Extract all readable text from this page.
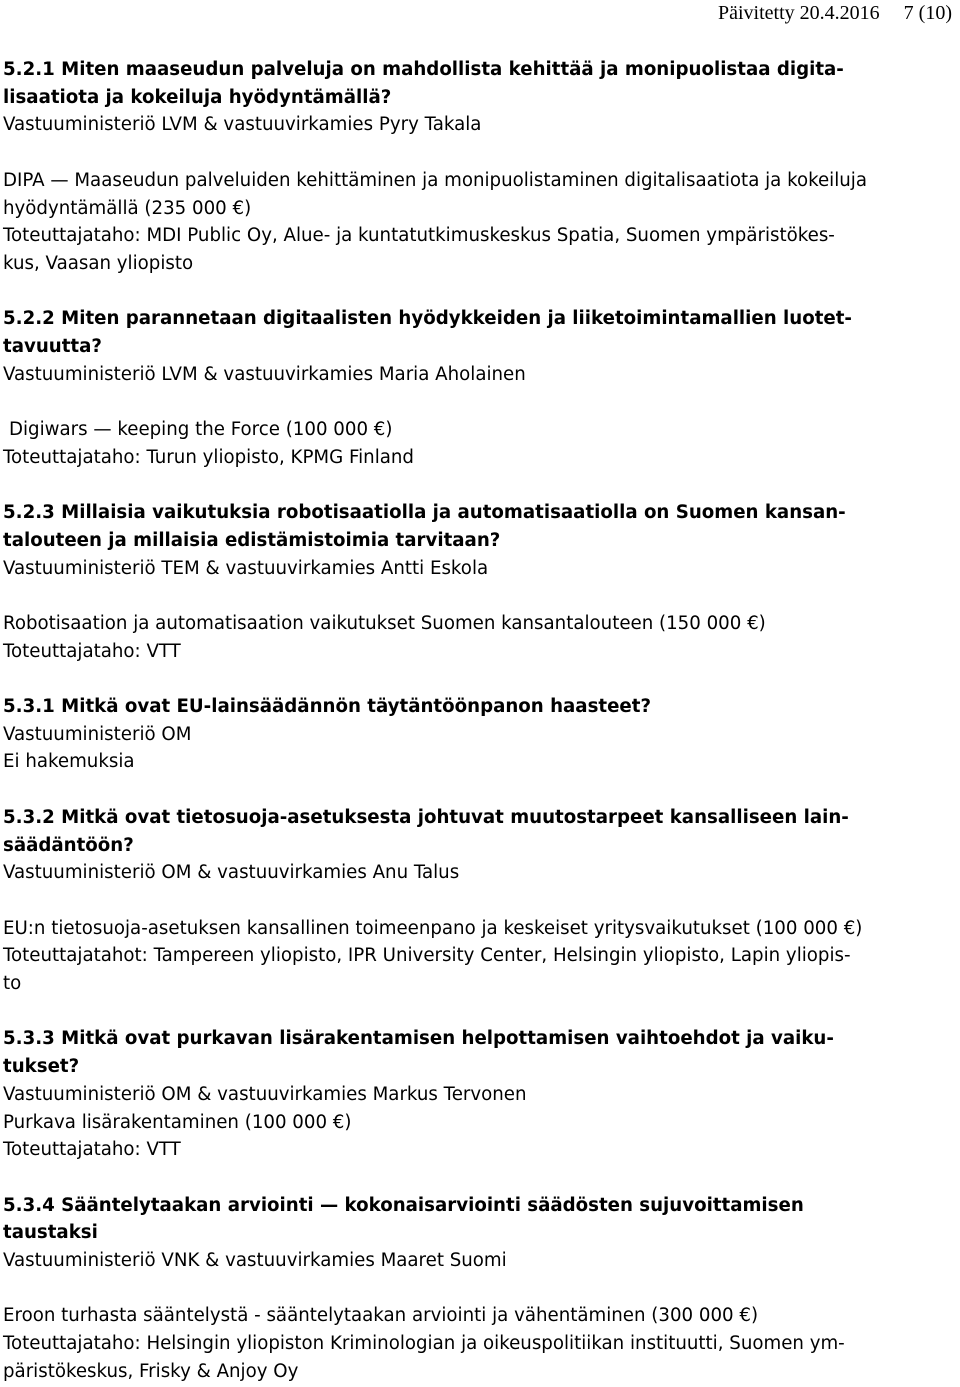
Päivitetty 20.4.2016 7 (10)

5.2.1 Miten maaseudun palveluja on mahdollista kehittää ja monipuolistaa digita-
lisaatiota ja kokeiluja hyödyntämällä?

Vastuuministeriö LVM & vastuuvirkamies Pyry Takala

DIPA — Maaseudun palveluiden kehittäminen ja monipuolistaminen digitalisaatiota ja kokeiluja
hyödyntämällä (235 000 €)

Toteuttajataho: MDI Public Oy, Alue- ja kuntatutkimuskeskus Spatia, Suomen ympäristökes-
kus, Vaasan yliopisto

5.2.2 Miten parannetaan digitaalisten hyödykkeiden ja liiketoimintamallien luotet-
tavuutta?

Vastuuministeriö LVM & vastuuvirkamies Maria Aholainen

Digiwars — keeping the Force (100 000 €)

Toteuttajataho: Turun yliopisto, KPMG Finland

5.2.3 Millaisia vaikutuksia robotisaatiolla ja automatisaatiolla on Suomen kansan-
talouteen ja millaisia edistämistoimia tarvitaan?

Vastuuministeriö TEM & vastuuvirkamies Antti Eskola

Robotisaation ja automatisaation vaikutukset Suomen kansantalouteen (150 000 €)

Toteuttajataho: VTT

5.3.1 Mitkä ovat EU-lainsäädännön täytäntöönpanon haasteet?

Vastuuministeriö OM

Ei hakemuksia

5.3.2 Mitkä ovat tietosuoja-asetuksesta johtuvat muutostarpeet kansalliseen lain-
säädäntöön?

Vastuuministeriö OM & vastuuvirkamies Anu Talus

EU:n tietosuoja-asetuksen kansallinen toimeenpano ja keskeiset yritysvaikutukset (100 000 €)

Toteuttajatahot: Tampereen yliopisto, IPR University Center, Helsingin yliopisto, Lapin yliopis-
to

5.3.3 Mitkä ovat purkavan lisärakentamisen helpottamisen vaihtoehdot ja vaiku-
tukset?

Vastuuministeriö OM & vastuuvirkamies Markus Tervonen

Purkava lisärakentaminen (100 000 €)

Toteuttajataho: VTT

5.3.4 Sääntelytaakan arviointi — kokonaisarviointi säädösten sujuvoittamisen
taustaksi

Vastuuministeriö VNK & vastuuvirkamies Maaret Suomi

Eroon turhasta sääntelystä - sääntelytaakan arviointi ja vähentäminen (300 000 €)

Toteuttajataho: Helsingin yliopiston Kriminologian ja oikeuspolitiikan instituutti, Suomen ym-
päristökeskus, Frisky & Anjoy Oy
